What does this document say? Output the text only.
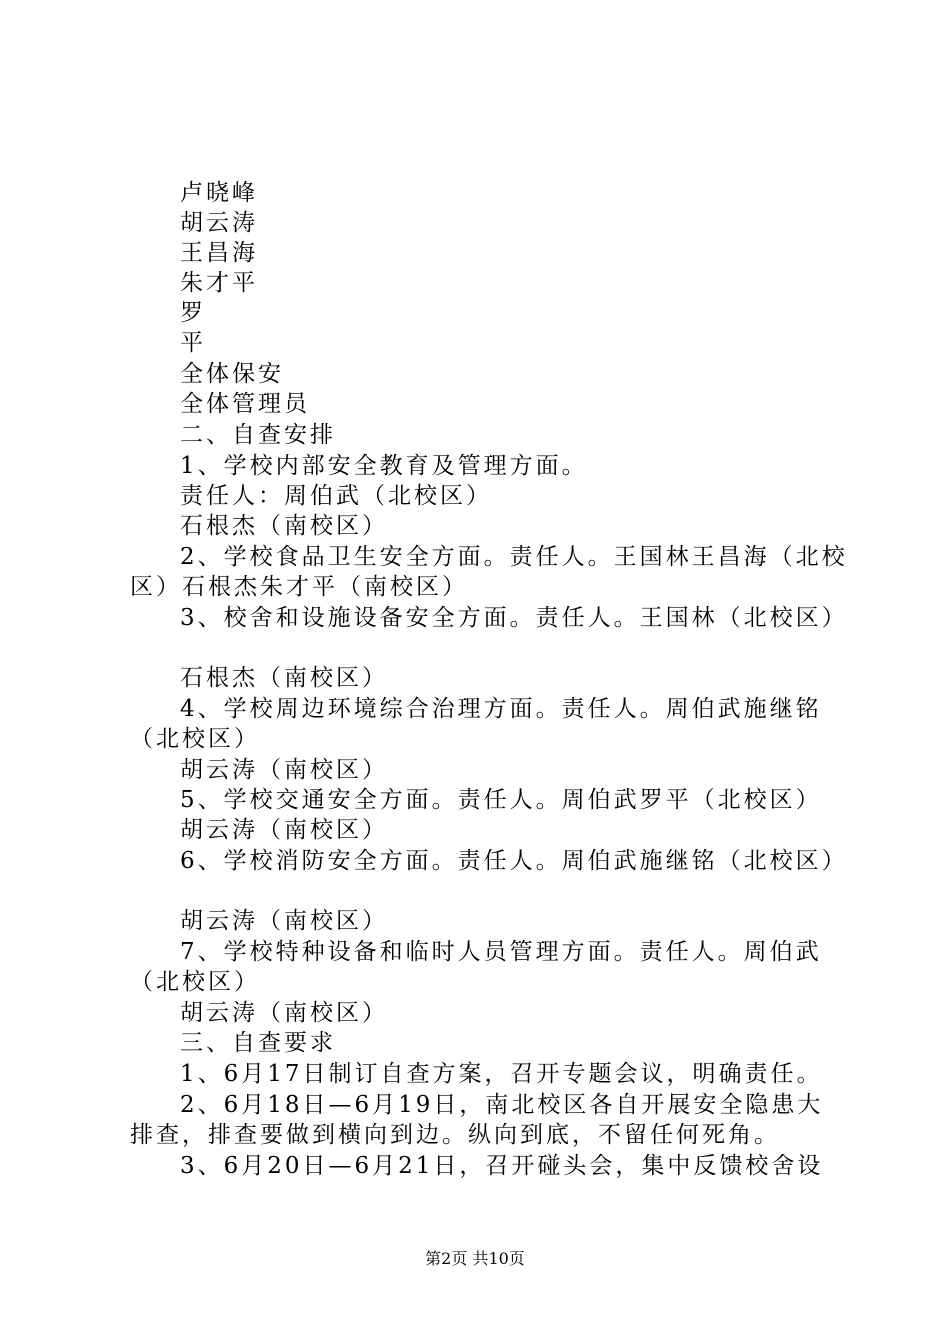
卢晓峰
胡云涛
王昌海
朱才平
罗
平
全体保安
全体管理员
二、自查安排
1、学校内部安全教育及管理方面。
责任人：周伯武（北校区）
石根杰（南校区）
2、学校食品卫生安全方面。责任人。王国林王昌海（北校
区）石根杰朱才平（南校区）
3、校舍和设施设备安全方面。责任人。王国林（北校区）
石根杰（南校区）
4、学校周边环境综合治理方面。责任人。周伯武施继铭
（北校区）
胡云涛（南校区）
5、学校交通安全方面。责任人。周伯武罗平（北校区）
胡云涛（南校区）
6、学校消防安全方面。责任人。周伯武施继铭（北校区）
胡云涛（南校区）
7、学校特种设备和临时人员管理方面。责任人。周伯武
（北校区）
胡云涛（南校区）
三、自查要求
1、6月17日制订自查方案，召开专题会议，明确责任。
2、6月18日—6月19日，南北校区各自开展安全隐患大
排查，排查要做到横向到边。纵向到底，不留任何死角。
3、6月20日—6月21日，召开碰头会，集中反馈校舍设
第2页 共10页
